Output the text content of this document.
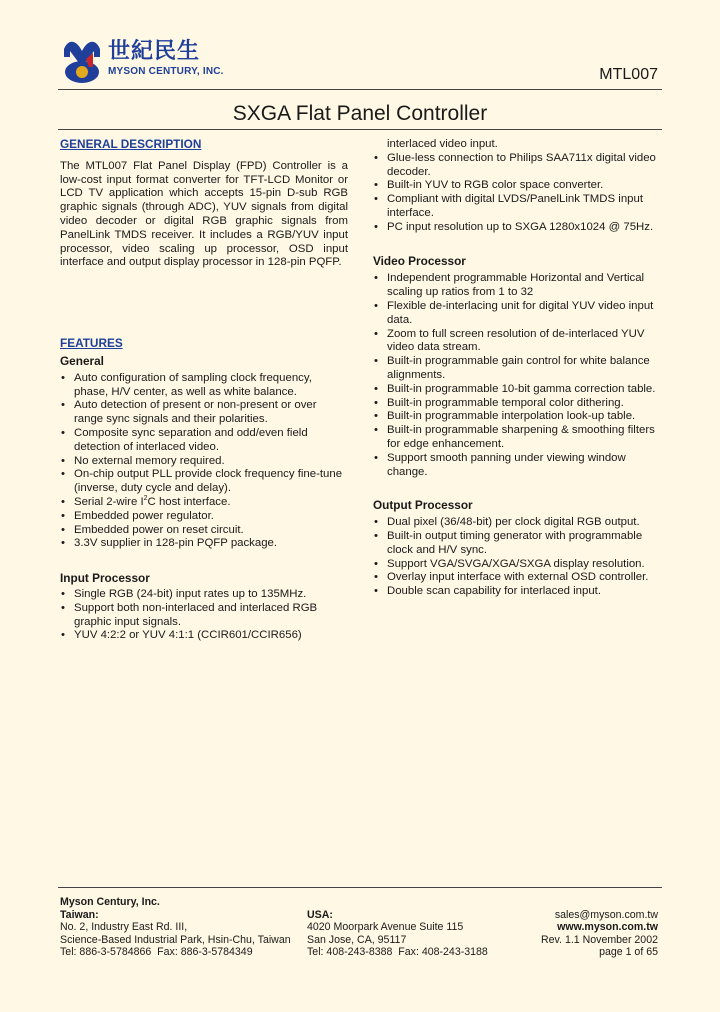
世紀民生
MYSON CENTURY, INC.	MTL007
SXGA Flat Panel Controller
GENERAL DESCRIPTION

The MTL007 Flat Panel Display (FPD) Controller is a low-cost input format converter for TFT-LCD Monitor or LCD TV application which accepts 15-pin D-sub RGB graphic signals (through ADC), YUV signals from digital video decoder or digital RGB graphic signals from PanelLink TMDS receiver. It includes a RGB/YUV input processor, video scaling up processor, OSD input interface and output display processor in 128-pin PQFP.

FEATURES
General
• Auto configuration of sampling clock frequency, phase, H/V center, as well as white balance.
• Auto detection of present or non-present or over range sync signals and their polarities.
• Composite sync separation and odd/even field detection of interlaced video.
• No external memory required.
• On-chip output PLL provide clock frequency fine-tune (inverse, duty cycle and delay).
• Serial 2-wire $I^2C$ host interface.
• Embedded power regulator.
• Embedded power on reset circuit.
• 3.3V supplier in 128-pin PQFP package.
Input Processor
• Single RGB (24-bit) input rates up to 135MHz.
• Support both non-interlaced and interlaced RGB graphic input signals.
• YUV 4:2:2 or YUV 4:1:1 (CCIR601/CCIR656)
interlaced video input.
• Glue-less connection to Philips SAA711x digital video decoder.
• Built-in YUV to RGB color space converter.
• Compliant with digital LVDS/PanelLink TMDS input interface.
• PC input resolution up to SXGA 1280x1024 @ 75Hz.
Video Processor
• Independent programmable Horizontal and Vertical scaling up ratios from 1 to 32
• Flexible de-interlacing unit for digital YUV video input data.
• Zoom to full screen resolution of de-interlaced YUV video data stream.
• Built-in programmable gain control for white balance alignments.
• Built-in programmable 10-bit gamma correction table.
• Built-in programmable temporal color dithering.
• Built-in programmable interpolation look-up table.
• Built-in programmable sharpening & smoothing filters for edge enhancement.
• Support smooth panning under viewing window change.
Output Processor
• Dual pixel (36/48-bit) per clock digital RGB output.
• Built-in output timing generator with programmable clock and H/V sync.
• Support VGA/SVGA/XGA/SXGA display resolution.
• Overlay input interface with external OSD controller.
• Double scan capability for interlaced input.
Myson Century, Inc.
Taiwan:
No. 2, Industry East Rd. III,
Science-Based Industrial Park, Hsin-Chu, Taiwan
Tel: 886-3-5784866  Fax: 886-3-5784349
USA:
4020 Moorpark Avenue Suite 115
San Jose, CA, 95117
Tel: 408-243-8388  Fax: 408-243-3188
sales@myson.com.tw
www.myson.com.tw
Rev. 1.1 November 2002
page 1 of 65
